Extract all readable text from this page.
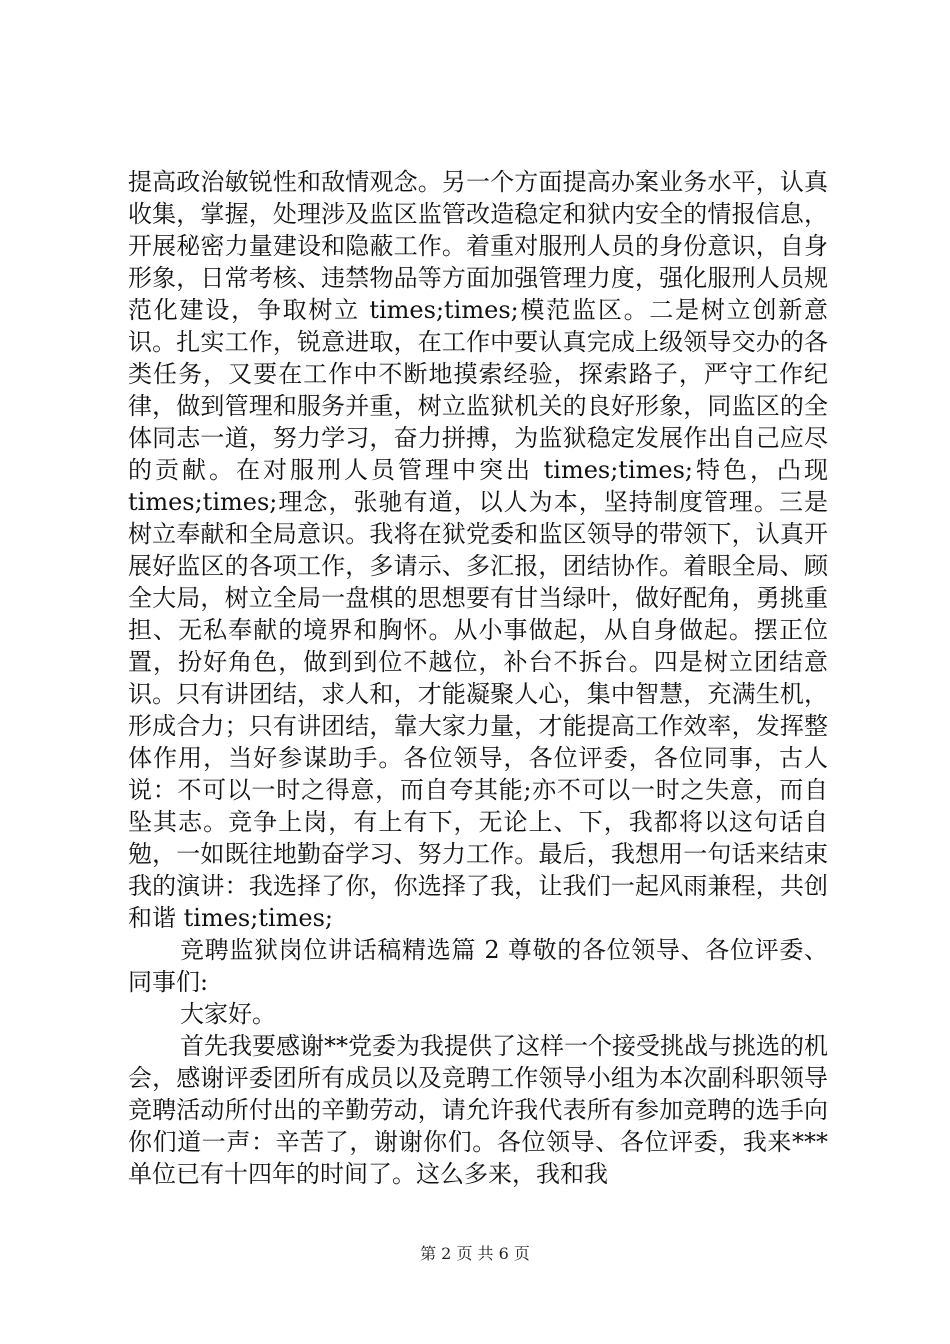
提高政治敏锐性和敌情观念。另一个方面提高办案业务水平，认真收集，掌握，处理涉及监区监管改造稳定和狱内安全的情报信息，开展秘密力量建设和隐蔽工作。着重对服刑人员的身份意识，自身形象，日常考核、违禁物品等方面加强管理力度，强化服刑人员规范化建设，争取树立 times;times;模范监区。二是树立创新意识。扎实工作，锐意进取，在工作中要认真完成上级领导交办的各类任务，又要在工作中不断地摸索经验，探索路子，严守工作纪律，做到管理和服务并重，树立监狱机关的良好形象，同监区的全体同志一道，努力学习，奋力拼搏，为监狱稳定发展作出自己应尽的贡献。在对服刑人员管理中突出 times;times;特色，凸现 times;times;理念，张驰有道，以人为本，坚持制度管理。三是树立奉献和全局意识。我将在狱党委和监区领导的带领下，认真开展好监区的各项工作，多请示、多汇报，团结协作。着眼全局、顾全大局，树立全局一盘棋的思想要有甘当绿叶，做好配角，勇挑重担、无私奉献的境界和胸怀。从小事做起，从自身做起。摆正位置，扮好角色，做到到位不越位，补台不拆台。四是树立团结意识。只有讲团结，求人和，才能凝聚人心，集中智慧，充满生机，形成合力；只有讲团结，靠大家力量，才能提高工作效率，发挥整体作用，当好参谋助手。各位领导，各位评委，各位同事，古人说：不可以一时之得意，而自夸其能;亦不可以一时之失意，而自坠其志。竞争上岗，有上有下，无论上、下，我都将以这句话自勉，一如既往地勤奋学习、努力工作。最后，我想用一句话来结束我的演讲：我选择了你，你选择了我，让我们一起风雨兼程，共创和谐 times;times;

竞聘监狱岗位讲话稿精选篇 2 尊敬的各位领导、各位评委、同事们:

大家好。

首先我要感谢**党委为我提供了这样一个接受挑战与挑选的机会，感谢评委团所有成员以及竞聘工作领导小组为本次副科职领导竞聘活动所付出的辛勤劳动，请允许我代表所有参加竞聘的选手向你们道一声：辛苦了，谢谢你们。各位领导、各位评委，我来***单位已有十四年的时间了。这么多来，我和我

第 2 页 共 6 页
